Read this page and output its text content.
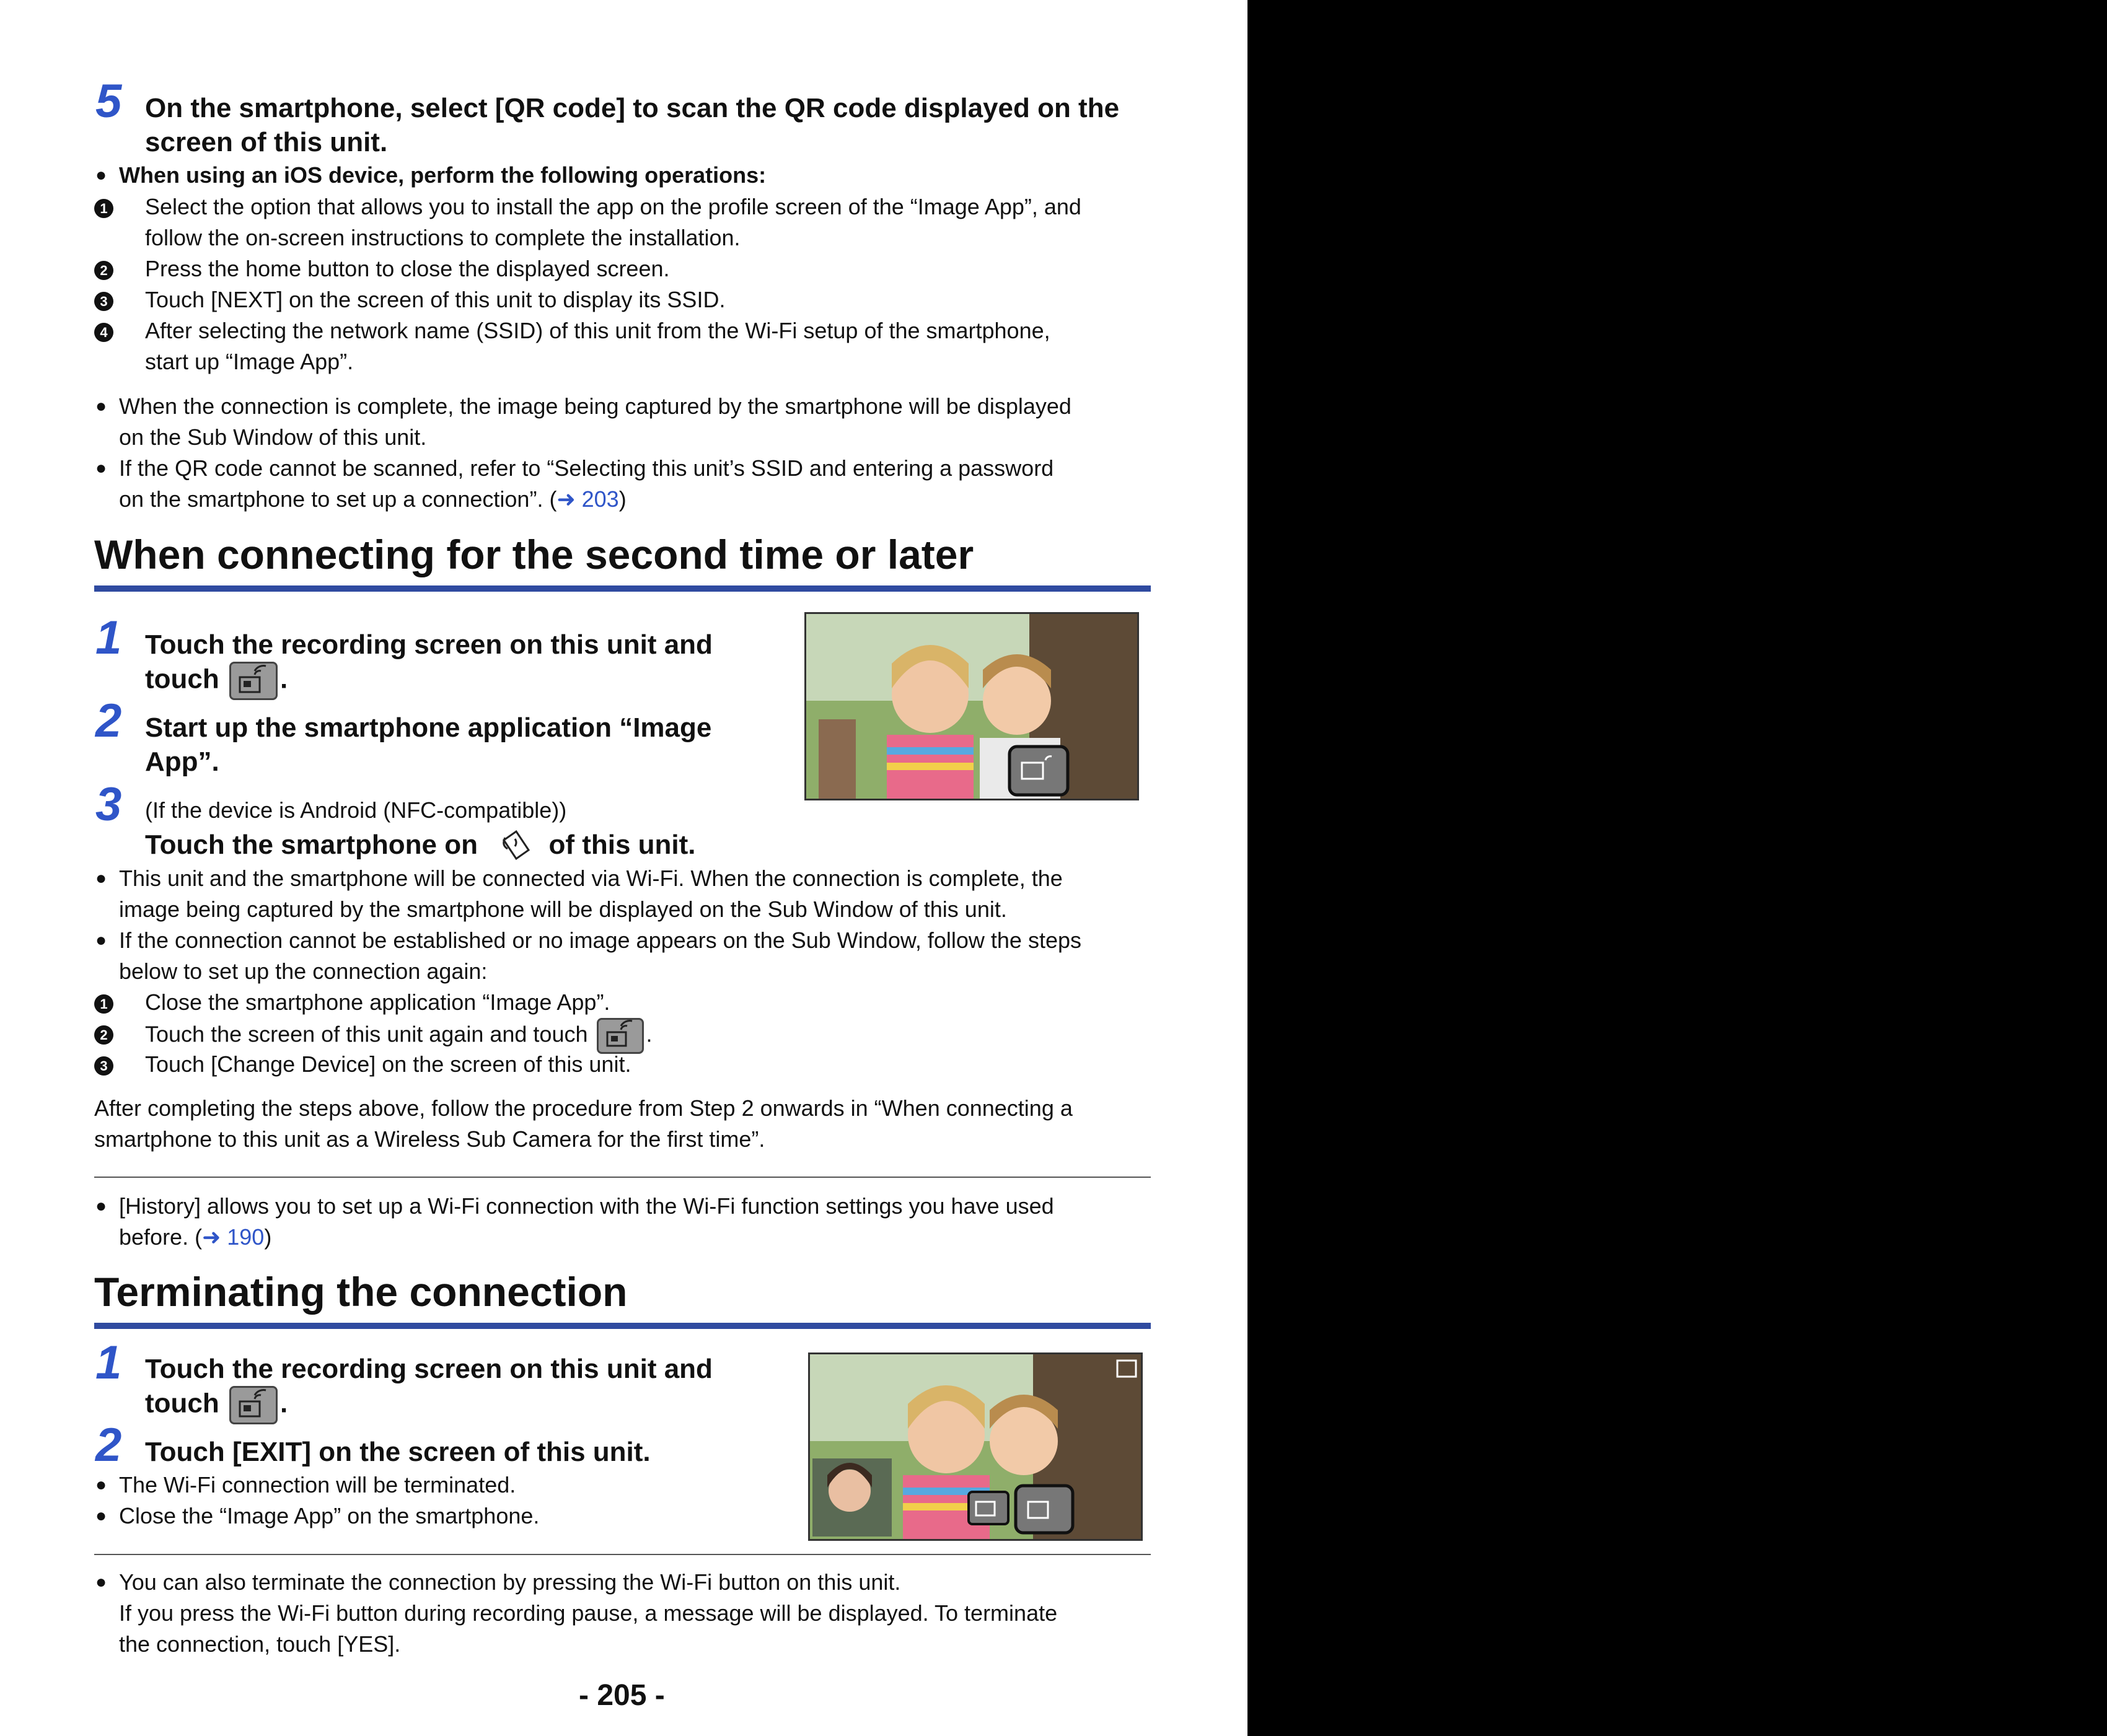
5 On the smartphone, select [QR code] to scan the QR code displayed on the
screen of this unit.
● When using an iOS device, perform the following operations:
1 Select the option that allows you to install the app on the profile screen of the “Image App”, and
follow the on-screen instructions to complete the installation.
2 Press the home button to close the displayed screen.
3 Touch [NEXT] on the screen of this unit to display its SSID.
4 After selecting the network name (SSID) of this unit from the Wi-Fi setup of the smartphone,
start up “Image App”.
● When the connection is complete, the image being captured by the smartphone will be displayed
on the Sub Window of this unit.
● If the QR code cannot be scanned, refer to “Selecting this unit’s SSID and entering a password
on the smartphone to set up a connection”. (➜ 203)
When connecting for the second time or later
1 Touch the recording screen on this unit and
touch .
2 Start up the smartphone application “Image
App”.
3 (If the device is Android (NFC-compatible))
Touch the smartphone on	of this unit.
● This unit and the smartphone will be connected via Wi-Fi. When the connection is complete, the
image being captured by the smartphone will be displayed on the Sub Window of this unit.
● If the connection cannot be established or no image appears on the Sub Window, follow the steps
below to set up the connection again:
1 Close the smartphone application “Image App”.
2 Touch the screen of this unit again and touch	.
3 Touch [Change Device] on the screen of this unit.
After completing the steps above, follow the procedure from Step 2 onwards in “When connecting a
smartphone to this unit as a Wireless Sub Camera for the first time”.
● [History] allows you to set up a Wi-Fi connection with the Wi-Fi function settings you have used
before. (➜ 190)
Terminating the connection
1 Touch the recording screen on this unit and
touch .
2 Touch [EXIT] on the screen of this unit.
● The Wi-Fi connection will be terminated.
● Close the “Image App” on the smartphone.
● You can also terminate the connection by pressing the Wi-Fi button on this unit.
If you press the Wi-Fi button during recording pause, a message will be displayed. To terminate
the connection, touch [YES].
- 205 -
